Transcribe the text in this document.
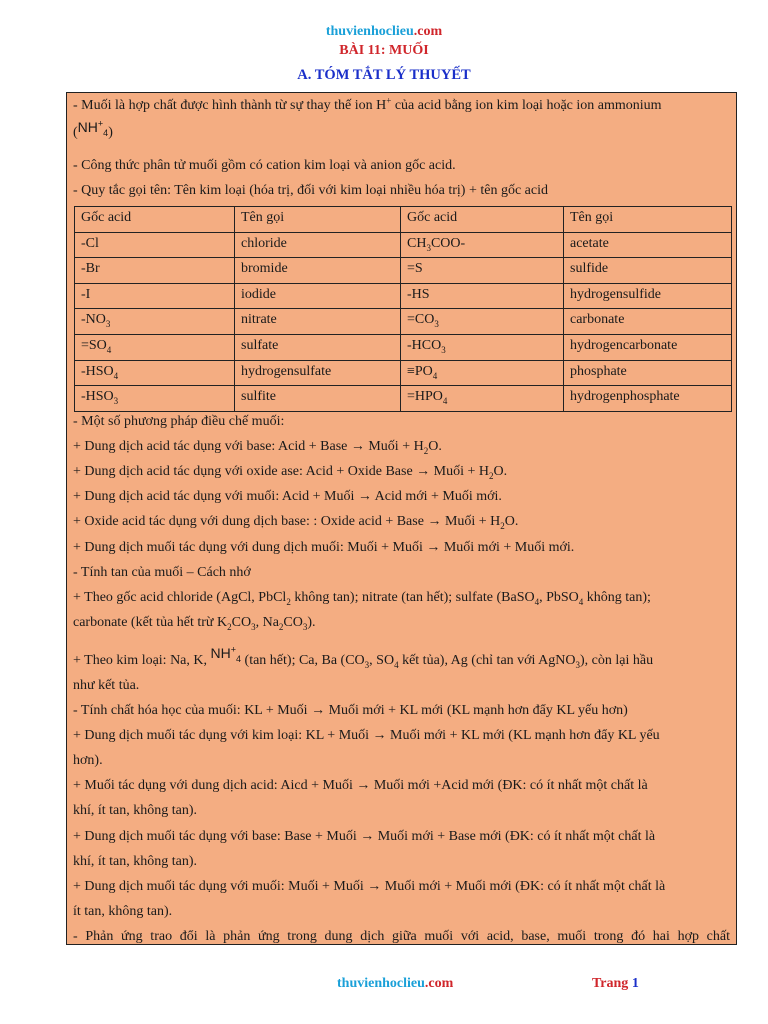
thuvienhoclieu.com
BÀI 11: MUỐI
A. TÓM TẮT LÝ THUYẾT
- Muối là hợp chất được hình thành từ sự thay thế ion H+ của acid bằng ion kim loại hoặc ion ammonium
$(NH^+_4)$
- Công thức phân tử muối gồm có cation kim loại và anion gốc acid.
- Quy tắc gọi tên: Tên kim loại (hóa trị, đối với kim loại nhiều hóa trị) + tên gốc acid
Gốc acid	Tên gọi	Gốc acid	Tên gọi
-Cl	chloride	$CH_3COO-$	acetate
-Br	bromide	=S	sulfide
-I	iodide	-HS	hydrogensulfide
$-NO_3$	nitrate	$=CO_3$	carbonate
$=SO_4$	sulfate	$-HCO_3$	hydrogencarbonate
$-HSO_4$	hydrogensulfate	$\equiv PO_4$	phosphate
$-HSO_3$	sulfite	$=HPO_4$	hydrogenphosphate
- Một số phương pháp điều chế muối:
+ Dung dịch acid tác dụng với base: Acid + Base → Muối + $H_2O$.
+ Dung dịch acid tác dụng với oxide ase: Acid + Oxide Base → Muối + $H_2O$.
+ Dung dịch acid tác dụng với muối: Acid + Muối → Acid mới + Muối mới.
+ Oxide acid tác dụng với dung dịch base: : Oxide acid + Base → Muối + $H_2O$.
+ Dung dịch muối tác dụng với dung dịch muối: Muối + Muối → Muối mới + Muối mới.
- Tính tan của muối – Cách nhớ
+ Theo gốc acid chloride (AgCl, PbCl$_2$ không tan); nitrate (tan hết); sulfate (BaSO$_4$, PbSO$_4$ không tan);
carbonate (kết tủa hết trừ $K_2CO_3$, $Na_2CO_3$).
+ Theo kim loại: Na, K, $NH^+_4$ (tan hết); Ca, Ba ($CO_3$, $SO_4$ kết tủa), Ag (chỉ tan với AgNO$_3$), còn lại hầu
như kết tủa.
- Tính chất hóa học của muối: KL + Muối → Muối mới + KL mới (KL mạnh hơn đẩy KL yếu hơn)
+ Dung dịch muối tác dụng với kim loại: KL + Muối → Muối mới + KL mới (KL mạnh hơn đẩy KL yếu
hơn).
+ Muối tác dụng với dung dịch acid: Aicd + Muối → Muối mới +Acid mới (ĐK: có ít nhất một chất là
khí, ít tan, không tan).
+ Dung dịch muối tác dụng với base: Base + Muối → Muối mới + Base mới (ĐK: có ít nhất một chất là
khí, ít tan, không tan).
+ Dung dịch muối tác dụng với muối: Muối + Muối → Muối mới + Muối mới (ĐK: có ít nhất một chất là
ít tan, không tan).
- Phản ứng trao đổi là phản ứng trong dung dịch giữa muối với acid, base, muối trong đó hai hợp chất
thuvienhoclieu.com	Trang 1
